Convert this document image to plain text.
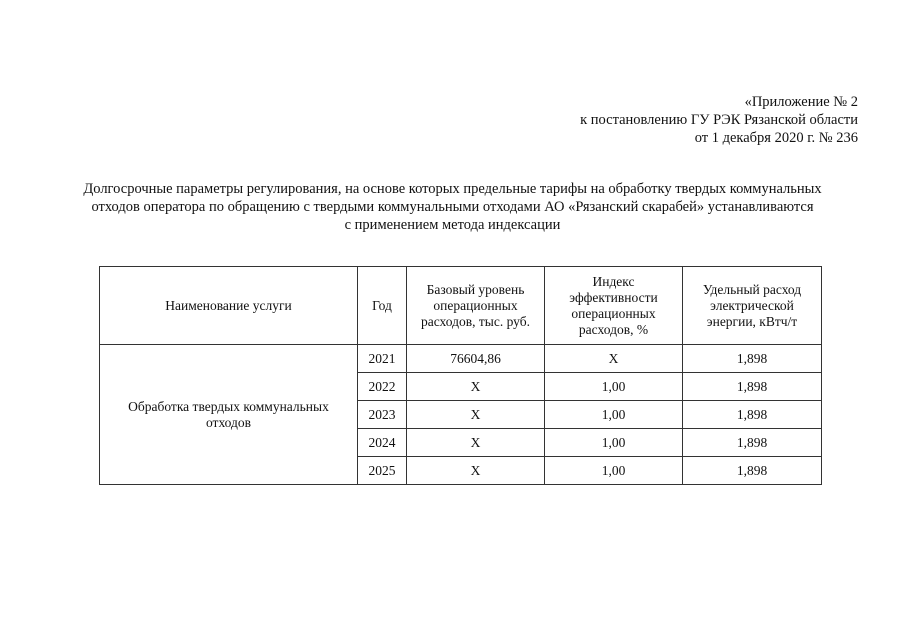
«Приложение № 2
к постановлению ГУ РЭК Рязанской области
от 1 декабря 2020 г. № 236
Долгосрочные параметры регулирования, на основе которых предельные тарифы на обработку твердых коммунальных
отходов оператора по обращению с твердыми коммунальными отходами АО «Рязанский скарабей» устанавливаются
с применением метода индексации
Наименование услуги	Год	Базовый уровень операционных расходов, тыс. руб.	Индекс эффективности операционных расходов, %	Удельный расход электрической энергии, кВтч/т
Обработка твердых коммунальных отходов	2021	76604,86	Х	1,898
	2022	Х	1,00	1,898
	2023	Х	1,00	1,898
	2024	Х	1,00	1,898
	2025	Х	1,00	1,898
